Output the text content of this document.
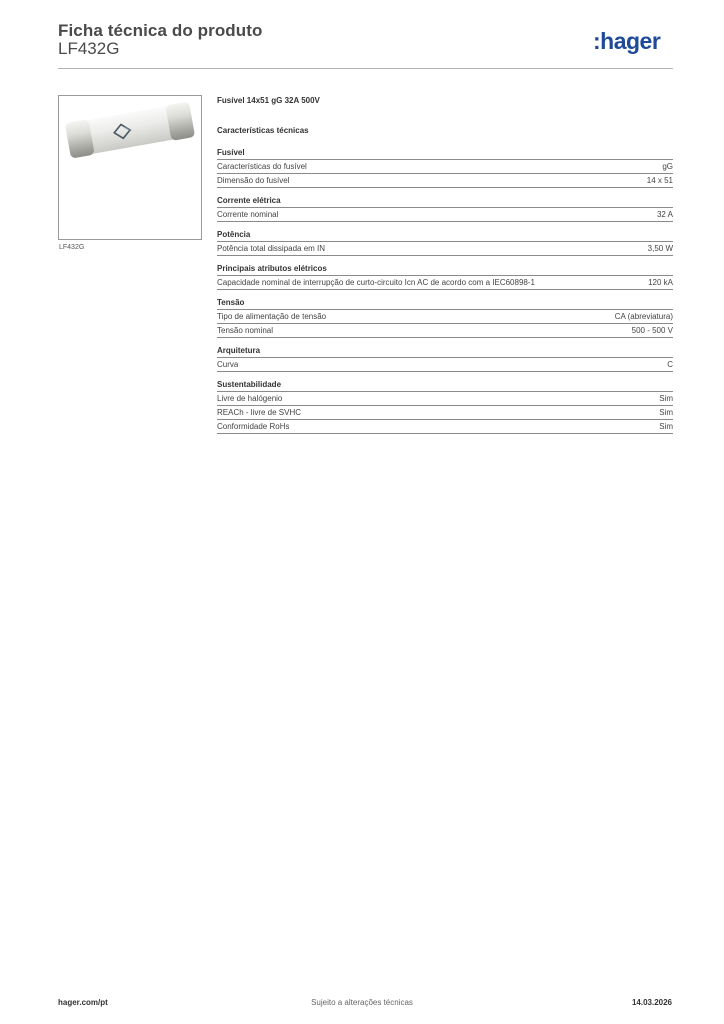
Ficha técnica do produto
LF432G	:hager
LF432G
Fusível 14x51 gG 32A 500V
Características técnicas
Fusível
Características do fusível	gG
Dimensão do fusível	14 x 51
Corrente elétrica
Corrente nominal	32 A
Potência
Potência total dissipada em IN	3,50 W
Principais atributos elétricos
Capacidade nominal de interrupção de curto-circuito Icn AC de acordo com a IEC60898-1	120 kA
Tensão
Tipo de alimentação de tensão	CA (abreviatura)
Tensão nominal	500 - 500 V
Arquitetura
Curva	C
Sustentabilidade
Livre de halógenio	Sim
REACh - livre de SVHC	Sim
Conformidade RoHs	Sim
hager.com/pt	Sujeito a alterações técnicas	14.03.2026
